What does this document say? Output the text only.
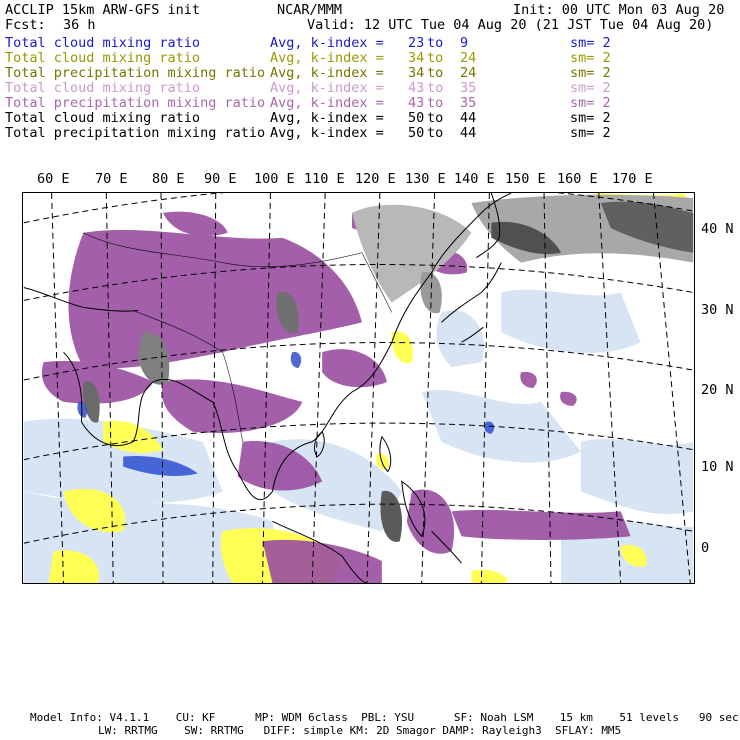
ACCLIP 15km ARW-GFS init	NCAR/MMM	Init: 00 UTC Mon 03 Aug 20
Fcst: 36 h	Valid: 12 UTC Tue 04 Aug 20 (21 JST Tue 04 Aug 20)
Total cloud mixing ratio	Avg, k-index = 23 to 9	sm= 2
Total cloud mixing ratio	Avg, k-index = 34 to 24	sm= 2
Total precipitation mixing ratio Avg, k-index = 34 to 24	sm= 2
Total cloud mixing ratio	Avg, k-index = 43 to 35	sm= 2
Total precipitation mixing ratio Avg, k-index = 43 to 35	sm= 2
Total cloud mixing ratio	Avg, k-index = 50 to 44	sm= 2
Total precipitation mixing ratio Avg, k-index = 50 to 44	sm= 2
60 E 70 E 80 E 90 E 100 E 110 E 120 E 130 E 140 E 150 E 160 E 170 E
40 N
30 N
20 N
10 N
0
Model Info: V4.1.1    CU: KF      MP: WDM 6class  PBL: YSU      SF: Noah LSM    15 km    51 levels   90 sec
LW: RRTMG    SW: RRTMG   DIFF: simple KM: 2D Smagor DAMP: Rayleigh3  SFLAY: MM5
